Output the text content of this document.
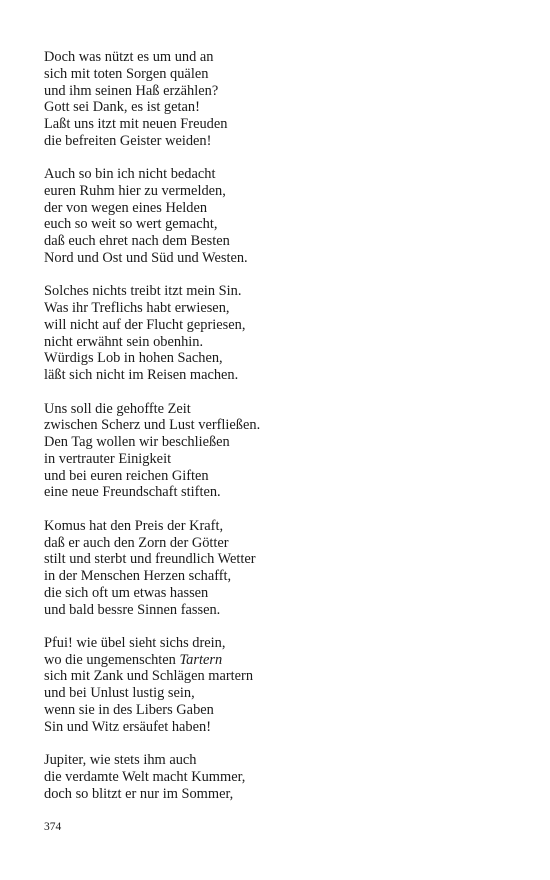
Doch was nützt es um und an
sich mit toten Sorgen quälen
und ihm seinen Haß erzählen?
Gott sei Dank, es ist getan!
Laßt uns itzt mit neuen Freuden
die befreiten Geister weiden!
Auch so bin ich nicht bedacht
euren Ruhm hier zu vermelden,
der von wegen eines Helden
euch so weit so wert gemacht,
daß euch ehret nach dem Besten
Nord und Ost und Süd und Westen.
Solches nichts treibt itzt mein Sin.
Was ihr Treflichs habt erwiesen,
will nicht auf der Flucht gepriesen,
nicht erwähnt sein obenhin.
Würdigs Lob in hohen Sachen,
läßt sich nicht im Reisen machen.
Uns soll die gehoffte Zeit
zwischen Scherz und Lust verfließen.
Den Tag wollen wir beschließen
in vertrauter Einigkeit
und bei euren reichen Giften
eine neue Freundschaft stiften.
Komus hat den Preis der Kraft,
daß er auch den Zorn der Götter
stilt und sterbt und freundlich Wetter
in der Menschen Herzen schafft,
die sich oft um etwas hassen
und bald bessre Sinnen fassen.
Pfui! wie übel sieht sichs drein,
wo die ungemenschten Tartern
sich mit Zank und Schlägen martern
und bei Unlust lustig sein,
wenn sie in des Libers Gaben
Sin und Witz ersäufet haben!
Jupiter, wie stets ihm auch
die verdamte Welt macht Kummer,
doch so blitzt er nur im Sommer,
374
